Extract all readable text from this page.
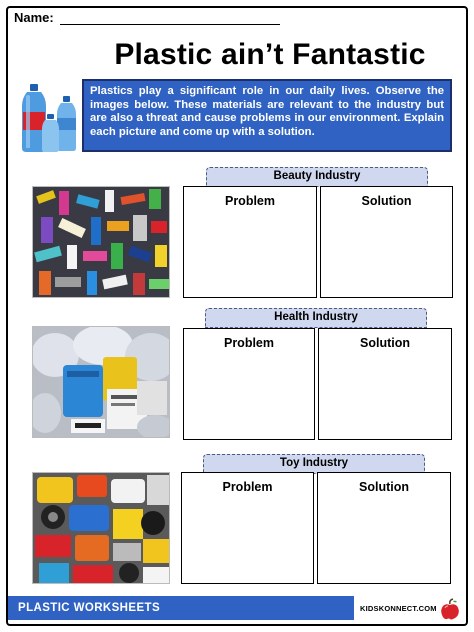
Name:
Plastic ain’t Fantastic
Plastics play a significant role in our daily lives. Observe the images below. These materials are relevant to the industry but are also a threat and cause problems in our environment. Explain each picture and come up with a solution.
Beauty Industry
Problem	Solution
Health Industry
Problem	Solution
Toy Industry
Problem	Solution
PLASTIC WORKSHEETS	KIDSKONNECT.COM
